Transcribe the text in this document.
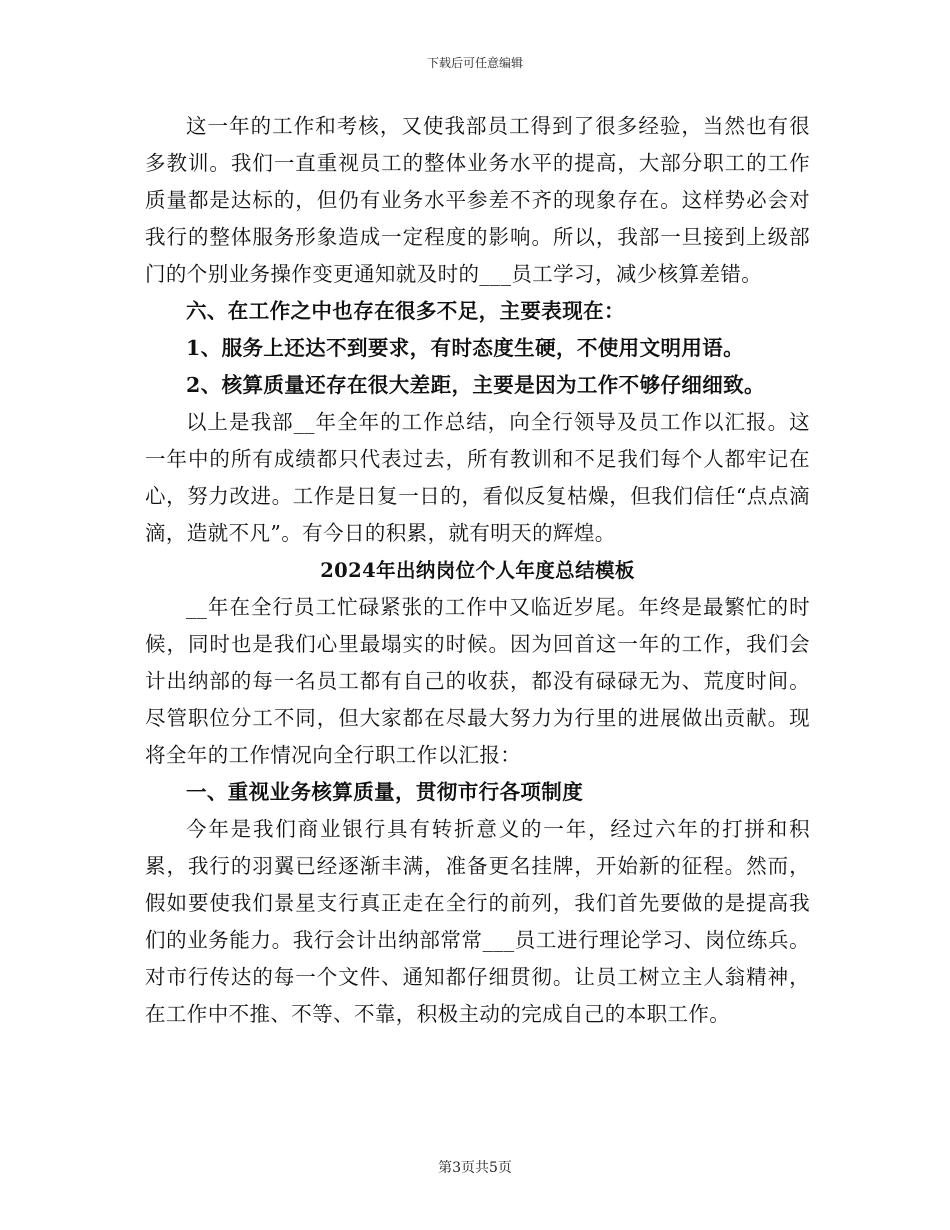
下载后可任意编辑

这一年的工作和考核，又使我部员工得到了很多经验，当然也有很多教训。我们一直重视员工的整体业务水平的提高，大部分职工的工作质量都是达标的，但仍有业务水平参差不齐的现象存在。这样势必会对我行的整体服务形象造成一定程度的影响。所以，我部一旦接到上级部门的个别业务操作变更通知就及时的___员工学习，减少核算差错。

六、在工作之中也存在很多不足，主要表现在：

1、服务上还达不到要求，有时态度生硬，不使用文明用语。

2、核算质量还存在很大差距，主要是因为工作不够仔细细致。

以上是我部__年全年的工作总结，向全行领导及员工作以汇报。这一年中的所有成绩都只代表过去，所有教训和不足我们每个人都牢记在心，努力改进。工作是日复一日的，看似反复枯燥，但我们信任“点点滴滴，造就不凡”。有今日的积累，就有明天的辉煌。

2024年出纳岗位个人年度总结模板

__年在全行员工忙碌紧张的工作中又临近岁尾。年终是最繁忙的时候，同时也是我们心里最塌实的时候。因为回首这一年的工作，我们会计出纳部的每一名员工都有自己的收获，都没有碌碌无为、荒度时间。尽管职位分工不同，但大家都在尽最大努力为行里的进展做出贡献。现将全年的工作情况向全行职工作以汇报：

一、重视业务核算质量，贯彻市行各项制度

今年是我们商业银行具有转折意义的一年，经过六年的打拼和积累，我行的羽翼已经逐渐丰满，准备更名挂牌，开始新的征程。然而，假如要使我们景星支行真正走在全行的前列，我们首先要做的是提高我们的业务能力。我行会计出纳部常常___员工进行理论学习、岗位练兵。对市行传达的每一个文件、通知都仔细贯彻。让员工树立主人翁精神，在工作中不推、不等、不靠，积极主动的完成自己的本职工作。

第3页共5页
